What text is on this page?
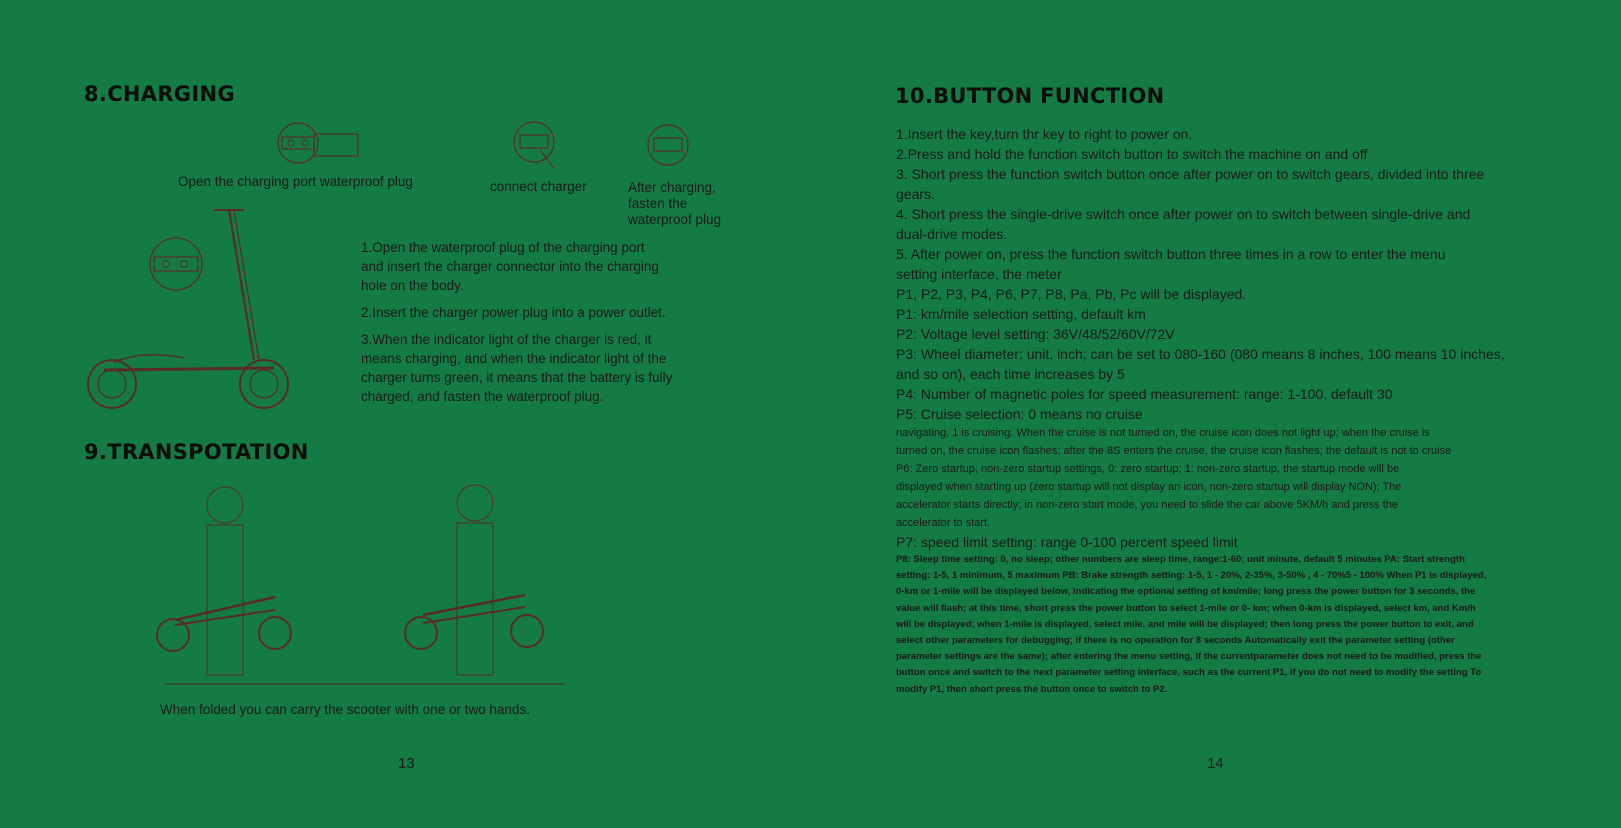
8.CHARGING
Open the charging port waterproof plug	connect charger	After charging,
fasten the
waterproof plug
1.Open the waterproof plug of the charging port
and insert the charger connector into the charging
hole on the body.
2.Insert the charger power plug into a power outlet.
3.When the indicator light of the charger is red, it
means charging, and when the indicator light of the
charger turns green, it means that the battery is fully
charged, and fasten the waterproof plug.
9.TRANSPOTATION
When folded you can carry the scooter with one or two hands.
13
10.BUTTON FUNCTION
1.Insert the key,turn thr key to right to power on.
2.Press and hold the function switch button to switch the machine on and off
3. Short press the function switch button once after power on to switch gears, divided into three
gears.
4. Short press the single-drive switch once after power on to switch between single-drive and
dual-drive modes.
5. After power on, press the function switch button three times in a row to enter the menu
setting interface, the meter
P1, P2, P3, P4, P6, P7, P8, Pa, Pb, Pc will be displayed.
P1: km/mile selection setting, default km
P2: Voltage level setting: 36V/48/52/60V/72V
P3: Wheel diameter: unit, inch; can be set to 080-160 (080 means 8 inches, 100 means 10 inches,
and so on), each time increases by 5
P4: Number of magnetic poles for speed measurement: range: 1-100, default 30
P5: Cruise selection: 0 means no cruise
navigating, 1 is cruising. When the cruise is not turned on, the cruise icon does not light up; when the cruise is
turned on, the cruise icon flashes; after the 8S enters the cruise, the cruise icon flashes; the default is not to cruise
P6: Zero startup, non-zero startup settings, 0: zero startup; 1: non-zero startup, the startup mode will be
displayed when starting up (zero startup will not display an icon, non-zero startup will display NON); The
accelerator starts directly; in non-zero start mode, you need to slide the car above 5KM/h and press the
accelerator to start.
P7: speed limit setting: range 0-100 percent speed limit
P8: Sleep time setting: 0, no sleep; other numbers are sleep time, range:1-60; unit minute, default 5 minutes PA: Start strength
setting: 1-5, 1 minimum, 5 maximum PB: Brake strength setting: 1-5, 1 - 20%, 2-35%, 3-50% , 4 - 70%5 - 100% When P1 is displayed,
0-km or 1-mile will be displayed below, indicating the optional setting of km/mile; long press the power button for 3 seconds, the
value will flash; at this time, short press the power button to select 1-mile or 0- km; when 0-km is displayed, select km, and Km/h
will be displayed; when 1-mile is displayed, select mile, and mile will be displayed; then long press the power button to exit, and
select other parameters for debugging; if there is no operation for 8 seconds Automatically exit the parameter setting (other
parameter settings are the same); after entering the menu setting, if the currentparameter does not need to be modified, press the
button once and switch to the next parameter setting interface, such as the current P1, if you do not need to modify the setting To
modify P1, then short press the button once to switch to P2.
14
